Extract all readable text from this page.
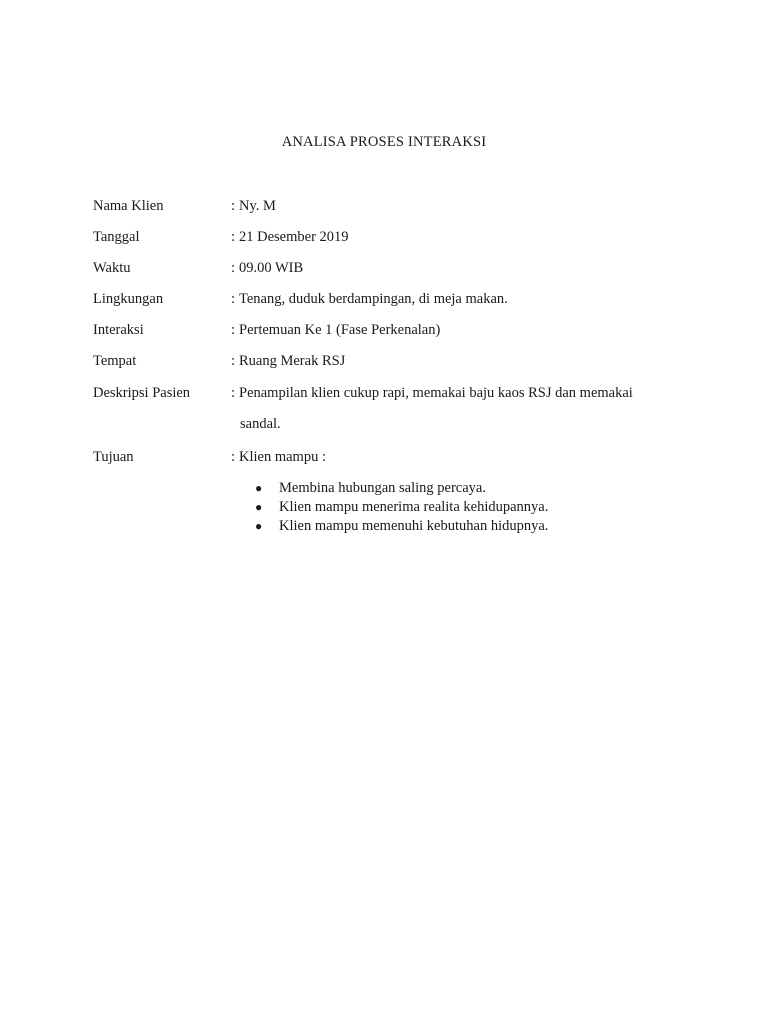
ANALISA PROSES INTERAKSI
Nama Klien	: Ny. M
Tanggal	: 21 Desember 2019
Waktu	: 09.00 WIB
Lingkungan	: Tenang, duduk berdampingan, di meja makan.
Interaksi	: Pertemuan Ke 1 (Fase Perkenalan)
Tempat	: Ruang Merak RSJ
Deskripsi Pasien	: Penampilan klien cukup rapi, memakai baju kaos RSJ dan memakai
sandal.
Tujuan	: Klien mampu :
● Membina hubungan saling percaya.
● Klien mampu menerima realita kehidupannya.
● Klien mampu memenuhi kebutuhan hidupnya.
